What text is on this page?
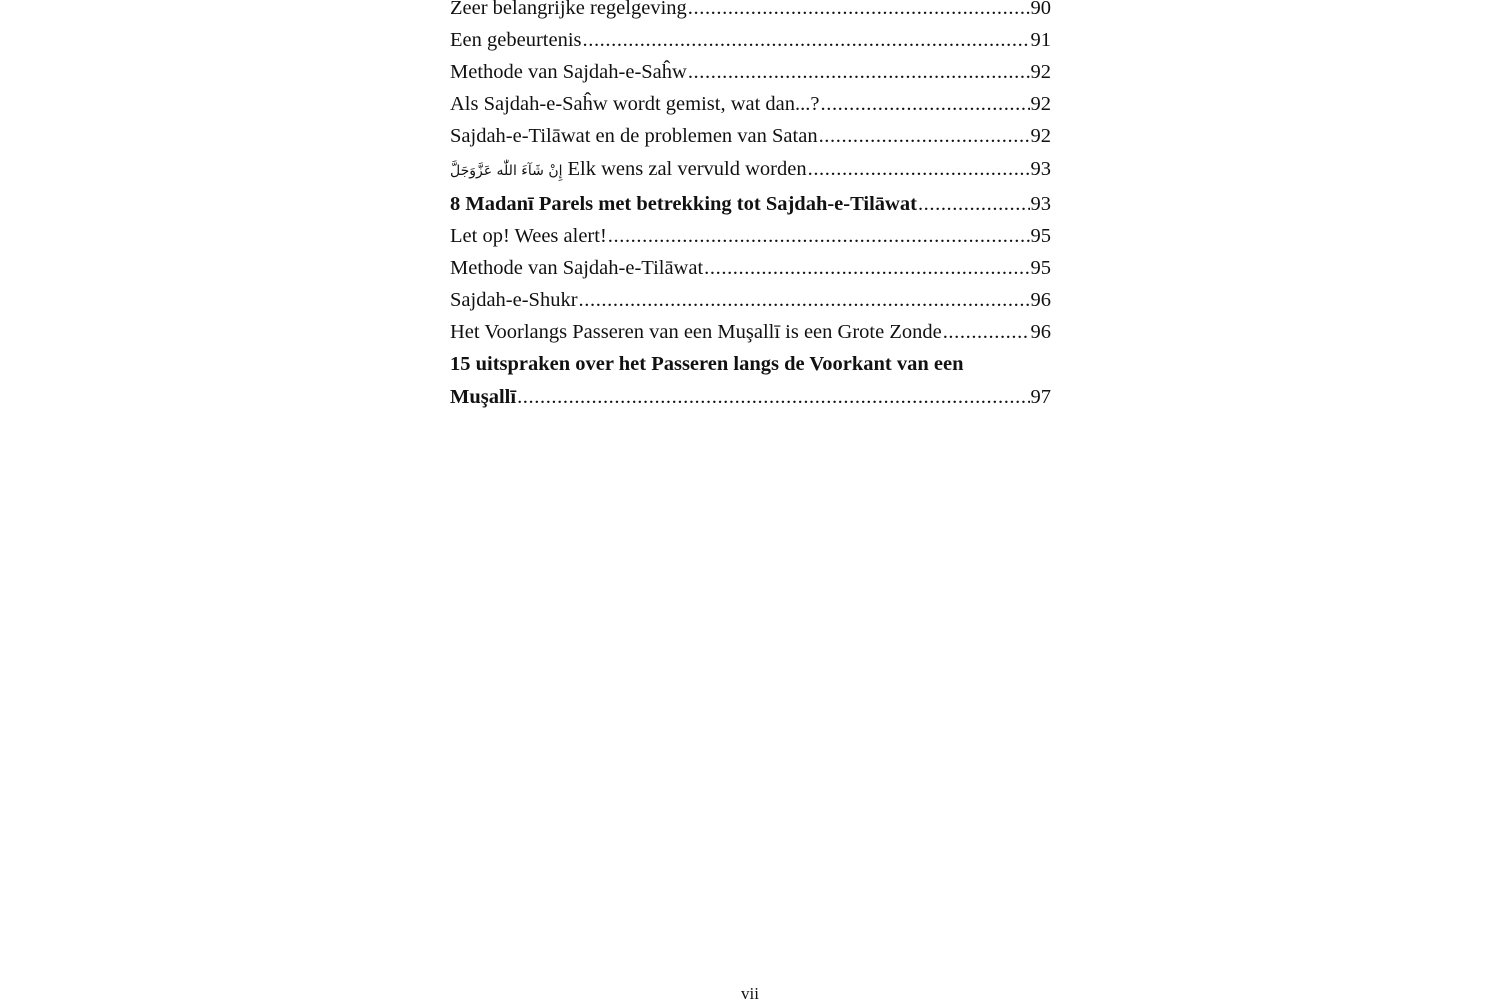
Zeer belangrijke regelgeving .....	90
Een gebeurtenis .....	91
Methode van Sajdah-e-Saĥw .....	92
Als Sajdah-e-Saĥw wordt gemist, wat dan...? .....	92
Sajdah-e-Tilāwat en de problemen van Satan .....	92
إِنْ شَآءَ اللّٰه عَزَّوَجَلَّ Elk wens zal vervuld worden .....	93
8 Madanī Parels met betrekking tot Sajdah-e-Tilāwat .....	93
Let op! Wees alert! .....	95
Methode van Sajdah-e-Tilāwat .....	95
Sajdah-e-Shukr .....	96
Het Voorlangs Passeren van een Muşallī is een Grote Zonde .....	96
15 uitspraken over het Passeren langs de Voorkant van een
Muşallī .....	97
vii
